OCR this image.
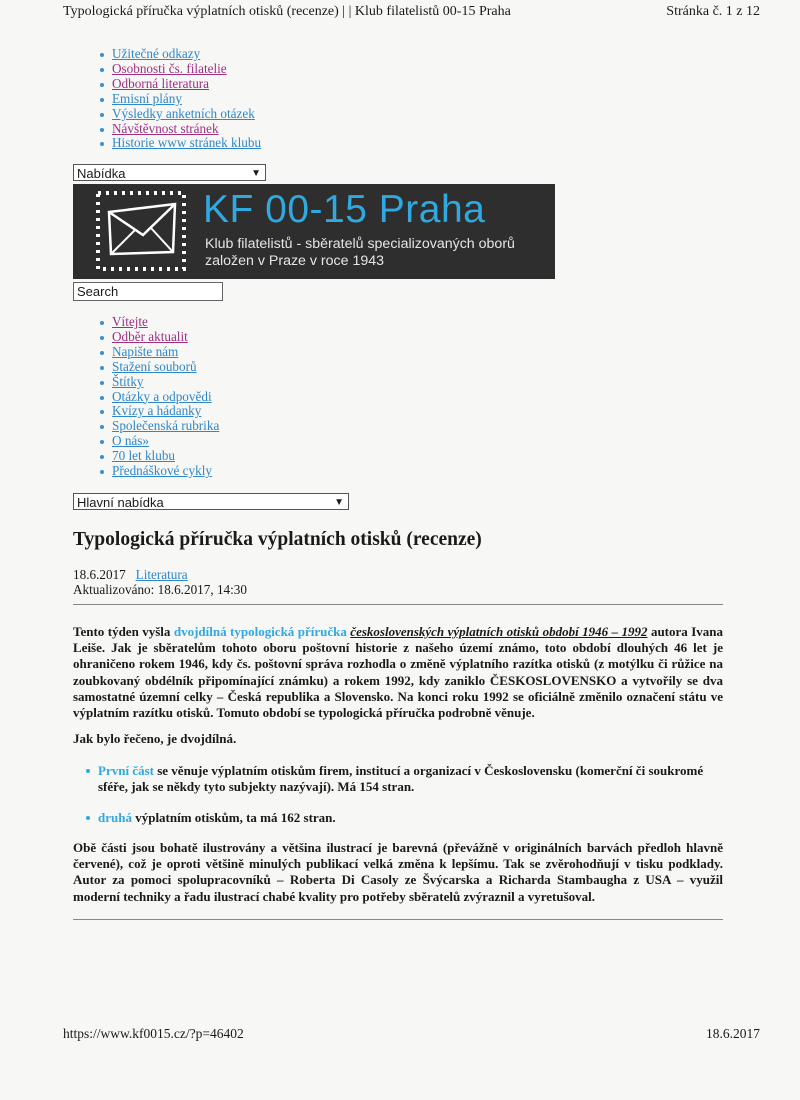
Typologická příručka výplatních otisků (recenze) | | Klub filatelistů 00-15 Praha	Stránka č. 1 z 12
Užitečné odkazy
Osobnosti čs. filatelie
Odborná literatura
Emisní plány
Výsledky anketních otázek
Návštěvnost stránek
Historie www stránek klubu
Nabídka	▼
KF 00-15 Praha
Klub filatelistů - sběratelů specializovaných oborů
založen v Praze v roce 1943
Search
Vítejte
Odběr aktualit
Napište nám
Stažení souborů
Štítky
Otázky a odpovědi
Kvízy a hádanky
Společenská rubrika
O nás»
70 let klubu
Přednáškové cykly
Hlavní nabídka	▼
Typologická příručka výplatních otisků (recenze)
18.6.2017 Literatura
Aktualizováno: 18.6.2017, 14:30
Tento týden vyšla dvojdílná typologická příručka československých výplatních otisků období 1946 – 1992 autora Ivana Leiše. Jak je sběratelům tohoto oboru poštovní historie z našeho území známo, toto období dlouhých 46 let je ohraničeno rokem 1946, kdy čs. poštovní správa rozhodla o změně výplatního razítka otisků (z motýlku či růžice na zoubkovaný obdélník připomínající známku) a rokem 1992, kdy zaniklo ČESKOSLOVENSKO a vytvořily se dva samostatné územní celky – Česká republika a Slovensko. Na konci roku 1992 se oficiálně změnilo označení státu ve výplatním razítku otisků. Tomuto období se typologická příručka podrobně věnuje.
Jak bylo řečeno, je dvojdílná.
První část se věnuje výplatním otiskům firem, institucí a organizací v Československu (komerční či soukromé sféře, jak se někdy tyto subjekty nazývají). Má 154 stran.
druhá výplatním otiskům, ta má 162 stran.
Obě části jsou bohatě ilustrovány a většina ilustrací je barevná (převážně v originálních barvách předloh hlavně červené), což je oproti většině minulých publikací velká změna k lepšímu. Tak se zvěrohodňují v tisku podklady. Autor za pomoci spolupracovníků – Roberta Di Casoly ze Švýcarska a Richarda Stambaugha z USA – využil moderní techniky a řadu ilustrací chabé kvality pro potřeby sběratelů zvýraznil a vyretušoval.
https://www.kf0015.cz/?p=46402	18.6.2017
